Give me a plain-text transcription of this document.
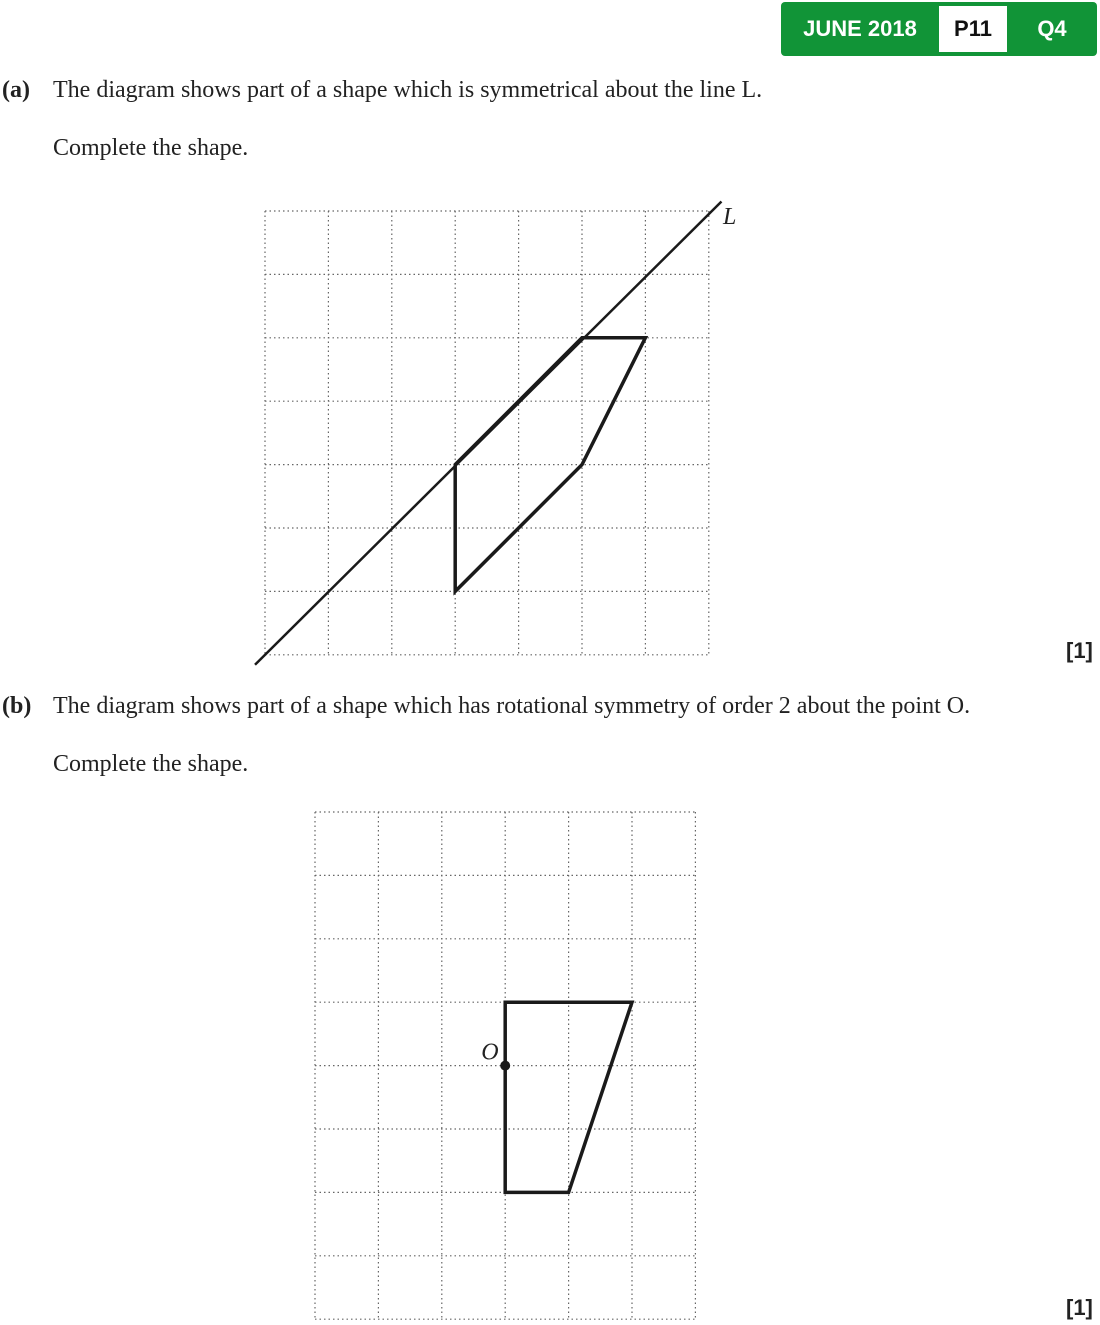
JUNE 2018	P11	Q4
(a) The diagram shows part of a shape which is symmetrical about the line L.
Complete the shape.
[1]
(b) The diagram shows part of a shape which has rotational symmetry of order 2 about the point O.
Complete the shape.
[1]
L
O
